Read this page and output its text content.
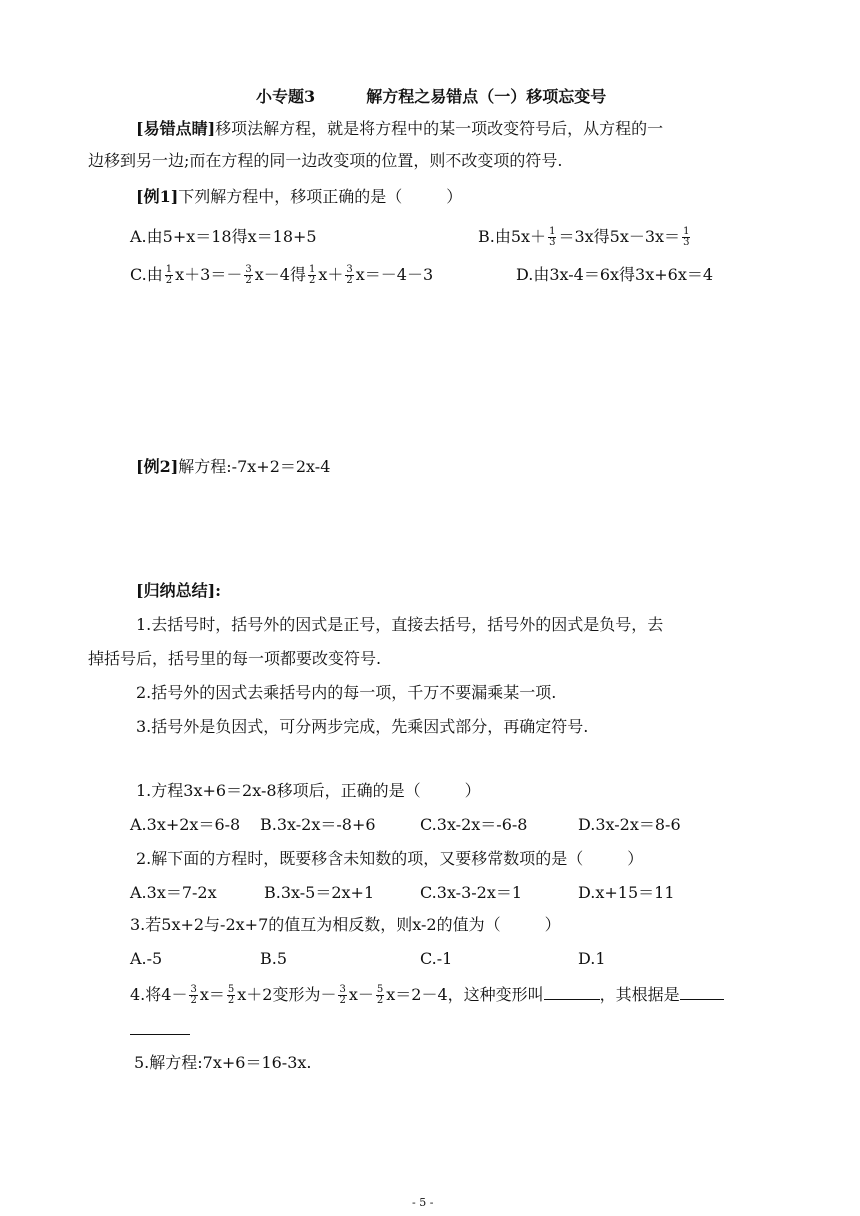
小专题3	解方程之易错点（一）移项忘变号
[易错点睛]移项法解方程，就是将方程中的某一项改变符号后，从方程的一
边移到另一边;而在方程的同一边改变项的位置，则不改变项的符号.
[例1]下列解方程中，移项正确的是（	）
A.由5+x＝18得x＝18+5	B.由$5x+ \frac{1}{3} =3x$得$5x-3x= \frac{1}{3}$
C.由 $\frac{1}{2} x+3=- \frac{3}{2} x-4$得 $\frac{1}{2} x+ \frac{3}{2} x=-4-3$	D.由3x-4＝6x得3x+6x＝4
[例2]解方程:-7x+2＝2x-4
[归纳总结]:
1.去括号时，括号外的因式是正号，直接去括号，括号外的因式是负号，去
掉括号后，括号里的每一项都要改变符号.
2.括号外的因式去乘括号内的每一项，千万不要漏乘某一项.
3.括号外是负因式，可分两步完成，先乘因式部分，再确定符号.
1.方程3x+6＝2x-8移项后，正确的是（	）
A.3x+2x＝6-8 B.3x-2x＝-8+6	C.3x-2x＝-6-8	D.3x-2x＝8-6
2.解下面的方程时，既要移含未知数的项，又要移常数项的是（	）
A.3x＝7-2x	B.3x-5＝2x+1	C.3x-3-2x＝1	D.x+15＝11
3.若5x+2与-2x+7的值互为相反数，则x-2的值为（	）
A.-5	B.5	C.-1	D.1
4.将$4- \frac{3}{2} x= \frac{5}{2} x+2$变形为－ $\frac{3}{2} x- \frac{5}{2} x=2-4$，这种变形叫	，其根据是
5.解方程:7x+6＝16-3x.
- 5 -
